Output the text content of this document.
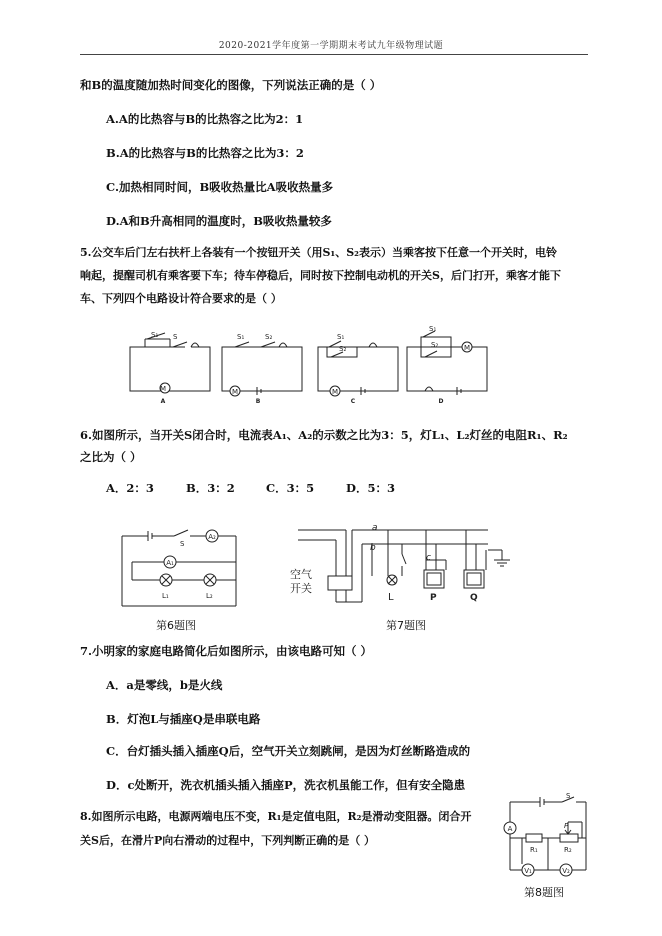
2020-2021学年度第一学期期末考试九年级物理试题
和B的温度随加热时间变化的图像，下列说法正确的是（ ）
A.A的比热容与B的比热容之比为2：1
B.A的比热容与B的比热容之比为3：2
C.加热相同时间，B吸收热量比A吸收热量多
D.A和B升高相同的温度时，B吸收热量较多
5.公交车后门左右扶杆上各装有一个按钮开关（用S₁、S₂表示）当乘客按下任意一个开关时，电铃
响起，提醒司机有乘客要下车；待车停稳后，同时按下控制电动机的开关S，后门打开，乘客才能下
车、下列四个电路设计符合要求的是（ ）
M	M	M
M
S₁ S	S₁	S₂	S₁
S₂
S₁
S₂
A	B	C	D
6.如图所示，当开关S闭合时，电流表A₁、A₂的示数之比为3：5，灯L₁、L₂灯丝的电阻R₁、R₂
之比为（ ）
A．2：3	B．3：2	C．3：5	D．5：3
A₂
A₁
S
L₁	L₂
第6题图
a
b
c
空气
开关
L	P	Q
第7题图
7.小明家的家庭电路简化后如图所示，由该电路可知（ ）
A．a是零线，b是火线
B．灯泡L与插座Q是串联电路
C．台灯插头插入插座Q后，空气开关立刻跳闸，是因为灯丝断路造成的
D．c处断开，洗衣机插头插入插座P，洗衣机虽能工作，但有安全隐患
8.如图所示电路，电源两端电压不变，R₁是定值电阻，R₂是滑动变阻器。闭合开
关S后，在滑片P向右滑动的过程中，下列判断正确的是（ ）
S
A	P
R₁	R₂
V₁	V₂
第8题图
